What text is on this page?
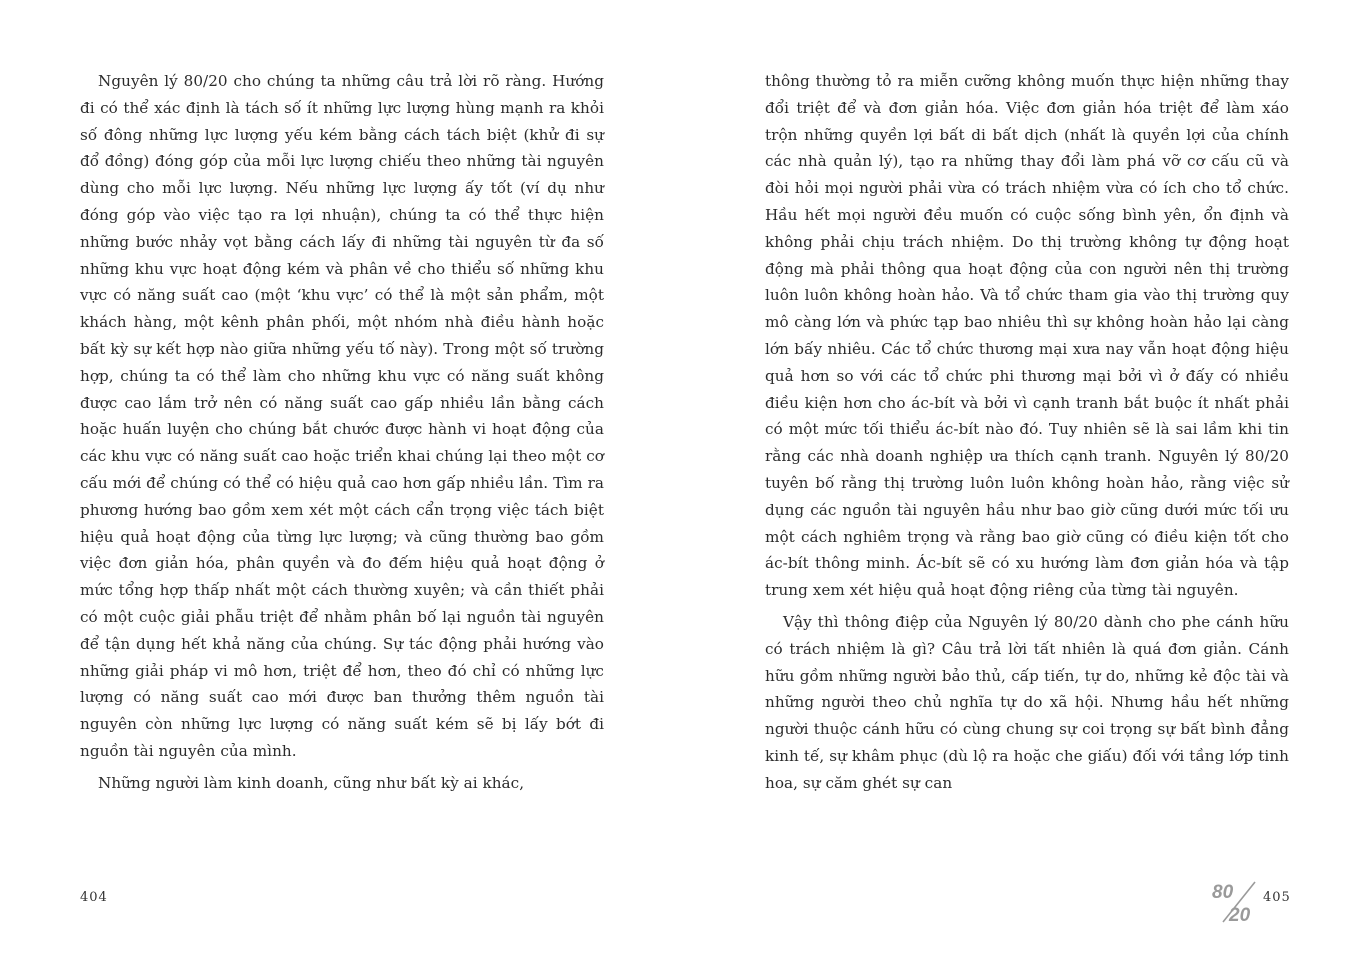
Nguyên lý 80/20 cho chúng ta những câu trả lời rõ ràng. Hướng đi có thể xác định là tách số ít những lực lượng hùng mạnh ra khỏi số đông những lực lượng yếu kém bằng cách tách biệt (khử đi sự đổ đồng) đóng góp của mỗi lực lượng chiếu theo những tài nguyên dùng cho mỗi lực lượng. Nếu những lực lượng ấy tốt (ví dụ như đóng góp vào việc tạo ra lợi nhuận), chúng ta có thể thực hiện những bước nhảy vọt bằng cách lấy đi những tài nguyên từ đa số những khu vực hoạt động kém và phân về cho thiểu số những khu vực có năng suất cao (một ‘khu vực’ có thể là một sản phẩm, một khách hàng, một kênh phân phối, một nhóm nhà điều hành hoặc bất kỳ sự kết hợp nào giữa những yếu tố này). Trong một số trường hợp, chúng ta có thể làm cho những khu vực có năng suất không được cao lắm trở nên có năng suất cao gấp nhiều lần bằng cách hoặc huấn luyện cho chúng bắt chước được hành vi hoạt động của các khu vực có năng suất cao hoặc triển khai chúng lại theo một cơ cấu mới để chúng có thể có hiệu quả cao hơn gấp nhiều lần. Tìm ra phương hướng bao gồm xem xét một cách cẩn trọng việc tách biệt hiệu quả hoạt động của từng lực lượng; và cũng thường bao gồm việc đơn giản hóa, phân quyền và đo đếm hiệu quả hoạt động ở mức tổng hợp thấp nhất một cách thường xuyên; và cần thiết phải có một cuộc giải phẫu triệt để nhằm phân bố lại nguồn tài nguyên để tận dụng hết khả năng của chúng. Sự tác động phải hướng vào những giải pháp vi mô hơn, triệt để hơn, theo đó chỉ có những lực lượng có năng suất cao mới được ban thưởng thêm nguồn tài nguyên còn những lực lượng có năng suất kém sẽ bị lấy bớt đi nguồn tài nguyên của mình.

Những người làm kinh doanh, cũng như bất kỳ ai khác,

thông thường tỏ ra miễn cưỡng không muốn thực hiện những thay đổi triệt để và đơn giản hóa. Việc đơn giản hóa triệt để làm xáo trộn những quyền lợi bất di bất dịch (nhất là quyền lợi của chính các nhà quản lý), tạo ra những thay đổi làm phá vỡ cơ cấu cũ và đòi hỏi mọi người phải vừa có trách nhiệm vừa có ích cho tổ chức. Hầu hết mọi người đều muốn có cuộc sống bình yên, ổn định và không phải chịu trách nhiệm. Do thị trường không tự động hoạt động mà phải thông qua hoạt động của con người nên thị trường luôn luôn không hoàn hảo. Và tổ chức tham gia vào thị trường quy mô càng lớn và phức tạp bao nhiêu thì sự không hoàn hảo lại càng lớn bấy nhiêu. Các tổ chức thương mại xưa nay vẫn hoạt động hiệu quả hơn so với các tổ chức phi thương mại bởi vì ở đấy có nhiều điều kiện hơn cho ác-bít và bởi vì cạnh tranh bắt buộc ít nhất phải có một mức tối thiểu ác-bít nào đó. Tuy nhiên sẽ là sai lầm khi tin rằng các nhà doanh nghiệp ưa thích cạnh tranh. Nguyên lý 80/20 tuyên bố rằng thị trường luôn luôn không hoàn hảo, rằng việc sử dụng các nguồn tài nguyên hầu như bao giờ cũng dưới mức tối ưu một cách nghiêm trọng và rằng bao giờ cũng có điều kiện tốt cho ác-bít thông minh. Ác-bít sẽ có xu hướng làm đơn giản hóa và tập trung xem xét hiệu quả hoạt động riêng của từng tài nguyên.

Vậy thì thông điệp của Nguyên lý 80/20 dành cho phe cánh hữu có trách nhiệm là gì? Câu trả lời tất nhiên là quá đơn giản. Cánh hữu gồm những người bảo thủ, cấp tiến, tự do, những kẻ độc tài và những người theo chủ nghĩa tự do xã hội. Nhưng hầu hết những người thuộc cánh hữu có cùng chung sự coi trọng sự bất bình đẳng kinh tế, sự khâm phục (dù lộ ra hoặc che giấu) đối với tầng lớp tinh hoa, sự căm ghét sự can

404	80
20
405
